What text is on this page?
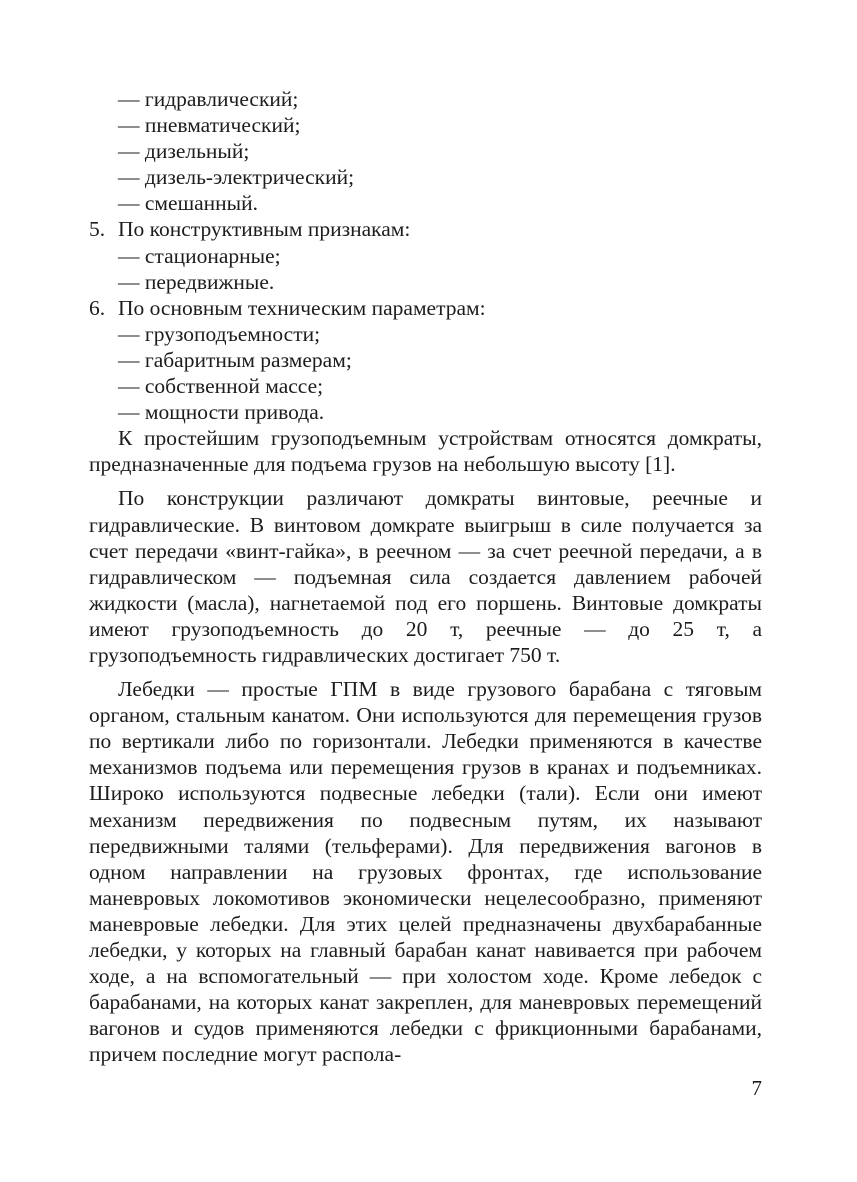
— гидравлический;
— пневматический;
— дизельный;
— дизель-электрический;
— смешанный.
5. По конструктивным признакам:
— стационарные;
— передвижные.
6. По основным техническим параметрам:
— грузоподъемности;
— габаритным размерам;
— собственной массе;
— мощности привода.

К простейшим грузоподъемным устройствам относятся домкраты, предназначенные для подъема грузов на небольшую высоту [1].

По конструкции различают домкраты винтовые, реечные и гидравлические. В винтовом домкрате выигрыш в силе получается за счет передачи «винт-гайка», в реечном — за счет реечной передачи, а в гидравлическом — подъемная сила создается давлением рабочей жидкости (масла), нагнетаемой под его поршень. Винтовые домкраты имеют грузоподъемность до 20 т, реечные — до 25 т, а грузоподъемность гидравлических достигает 750 т.

Лебедки — простые ГПМ в виде грузового барабана с тяговым органом, стальным канатом. Они используются для перемещения грузов по вертикали либо по горизонтали. Лебедки применяются в качестве механизмов подъема или перемещения грузов в кранах и подъемниках. Широко используются подвесные лебедки (тали). Если они имеют механизм передвижения по подвесным путям, их называют передвижными талями (тельферами). Для передвижения вагонов в одном направлении на грузовых фронтах, где использование маневровых локомотивов экономически нецелесообразно, применяют маневровые лебедки. Для этих целей предназначены двухбарабанные лебедки, у которых на главный барабан канат навивается при рабочем ходе, а на вспомогательный — при холостом ходе. Кроме лебедок с барабанами, на которых канат закреплен, для маневровых перемещений вагонов и судов применяются лебедки с фрикционными барабанами, причем последние могут распола-

7
